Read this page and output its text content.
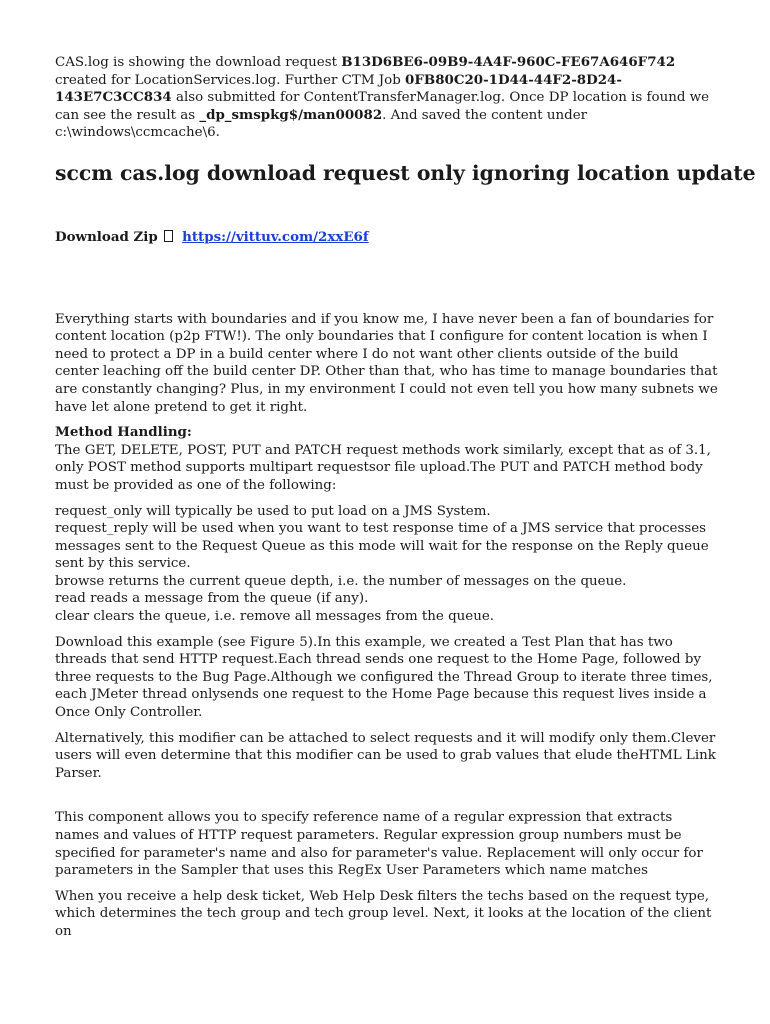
CAS.log is showing the download request B13D6BE6-09B9-4A4F-960C-FE67A646F742 created for LocationServices.log. Further CTM Job 0FB80C20-1D44-44F2-8D24-143E7C3CC834 also submitted for ContentTransferManager.log. Once DP location is found we can see the result as _dp_smspkg$/man00082. And saved the content under c:\windows\ccmcache\6.

sccm cas.log download request only ignoring location update

Download Zip https://vittuv.com/2xxE6f

Everything starts with boundaries and if you know me, I have never been a fan of boundaries for content location (p2p FTW!). The only boundaries that I configure for content location is when I need to protect a DP in a build center where I do not want other clients outside of the build center leaching off the build center DP. Other than that, who has time to manage boundaries that are constantly changing? Plus, in my environment I could not even tell you how many subnets we have let alone pretend to get it right.

Method Handling:

The GET, DELETE, POST, PUT and PATCH request methods work similarly, except that as of 3.1, only POST method supports multipart requestsor file upload.The PUT and PATCH method body must be provided as one of the following:

request_only will typically be used to put load on a JMS System.

request_reply will be used when you want to test response time of a JMS service that processes messages sent to the Request Queue as this mode will wait for the response on the Reply queue sent by this service.

browse returns the current queue depth, i.e. the number of messages on the queue.

read reads a message from the queue (if any).

clear clears the queue, i.e. remove all messages from the queue.

Download this example (see Figure 5).In this example, we created a Test Plan that has two threads that send HTTP request.Each thread sends one request to the Home Page, followed by three requests to the Bug Page.Although we configured the Thread Group to iterate three times, each JMeter thread onlysends one request to the Home Page because this request lives inside a Once Only Controller.

Alternatively, this modifier can be attached to select requests and it will modify only them.Clever users will even determine that this modifier can be used to grab values that elude theHTML Link Parser.

This component allows you to specify reference name of a regular expression that extracts names and values of HTTP request parameters. Regular expression group numbers must be specified for parameter's name and also for parameter's value. Replacement will only occur for parameters in the Sampler that uses this RegEx User Parameters which name matches

When you receive a help desk ticket, Web Help Desk filters the techs based on the request type, which determines the tech group and tech group level. Next, it looks at the location of the client on
